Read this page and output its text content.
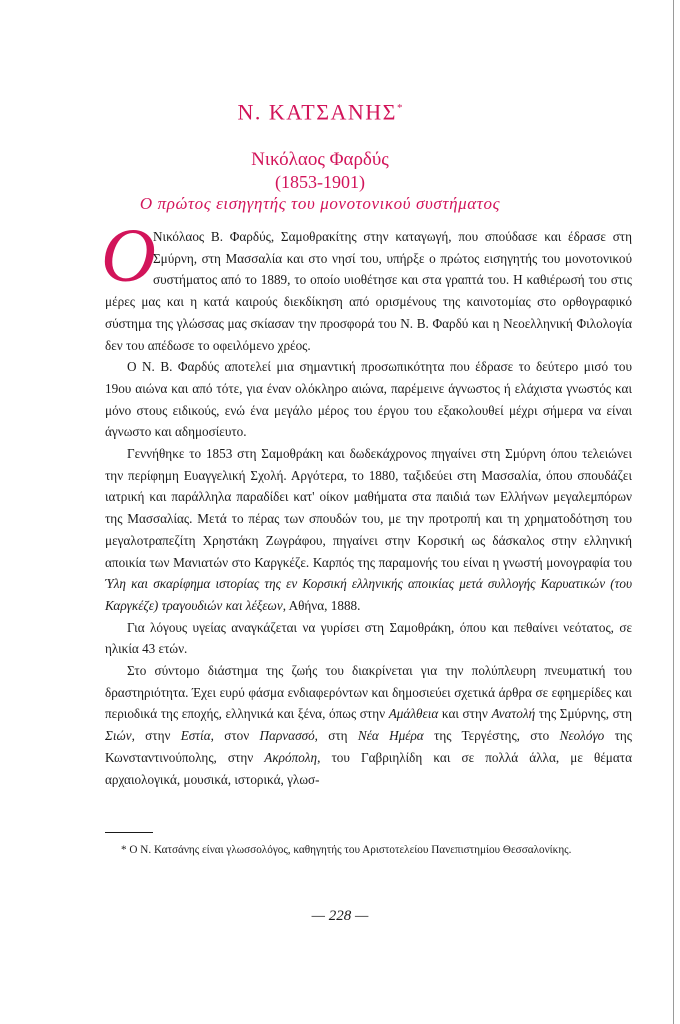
Ν. ΚΑΤΣΑΝΗΣ*
Νικόλαος Φαρδύς
(1853-1901)
Ο πρώτος εισηγητής του μονοτονικού συστήματος

Ο
Νικόλαος Β. Φαρδύς, Σαμοθρακίτης στην καταγωγή, που σπούδασε και έδρασε στη Σμύρνη, στη Μασσαλία και στο νησί του, υπήρξε ο πρώτος εισηγητής του μονοτονικού συστήματος από το 1889, το οποίο υιοθέτησε και στα γραπτά του. Η καθιέρωσή του στις μέρες μας και η κατά καιρούς διεκδίκηση από ορισμένους της καινοτομίας στο ορθογραφικό σύστημα της γλώσσας μας σκίασαν την προσφορά του Ν. Β. Φαρδύ και η Νεοελληνική Φιλολογία δεν του απέδωσε το οφειλόμενο χρέος.

Ο Ν. Β. Φαρδύς αποτελεί μια σημαντική προσωπικότητα που έδρασε το δεύτερο μισό του 19ου αιώνα και από τότε, για έναν ολόκληρο αιώνα, παρέμεινε άγνωστος ή ελάχιστα γνωστός και μόνο στους ειδικούς, ενώ ένα μεγάλο μέρος του έργου του εξακολουθεί μέχρι σήμερα να είναι άγνωστο και αδημοσίευτο.

Γεννήθηκε το 1853 στη Σαμοθράκη και δωδεκάχρονος πηγαίνει στη Σμύρνη όπου τελειώνει την περίφημη Ευαγγελική Σχολή. Αργότερα, το 1880, ταξιδεύει στη Μασσαλία, όπου σπουδάζει ιατρική και παράλληλα παραδίδει κατ' οίκον μαθήματα στα παιδιά των Ελλήνων μεγαλεμπόρων της Μασσαλίας. Μετά το πέρας των σπουδών του, με την προτροπή και τη χρηματοδότηση του μεγαλοτραπεζίτη Χρηστάκη Ζωγράφου, πηγαίνει στην Κορσική ως δάσκαλος στην ελληνική αποικία των Μανιατών στο Καργκέζε. Καρπός της παραμονής του είναι η γνωστή μονογραφία του Ύλη και σκαρίφημα ιστορίας της εν Κορσική ελληνικής αποικίας μετά συλλογής Καρυατικών (του Καργκέζε) τραγουδιών και λέξεων, Αθήνα, 1888.

Για λόγους υγείας αναγκάζεται να γυρίσει στη Σαμοθράκη, όπου και πεθαίνει νεότατος, σε ηλικία 43 ετών.

Στο σύντομο διάστημα της ζωής του διακρίνεται για την πολύπλευρη πνευματική του δραστηριότητα. Έχει ευρύ φάσμα ενδιαφερόντων και δημοσιεύει σχετικά άρθρα σε εφημερίδες και περιοδικά της εποχής, ελληνικά και ξένα, όπως στην Αμάλθεια και στην Ανατολή της Σμύρνης, στη Σιών, στην Εστία, στον Παρνασσό, στη Νέα Ημέρα της Τεργέστης, στο Νεολόγο της Κωνσταντινούπολης, στην Ακρόπολη, του Γαβριηλίδη και σε πολλά άλλα, με θέματα αρχαιολογικά, μουσικά, ιστορικά, γλωσ-

* Ο Ν. Κατσάνης είναι γλωσσολόγος, καθηγητής του Αριστοτελείου Πανεπιστημίου Θεσσαλονίκης.
— 228 —
